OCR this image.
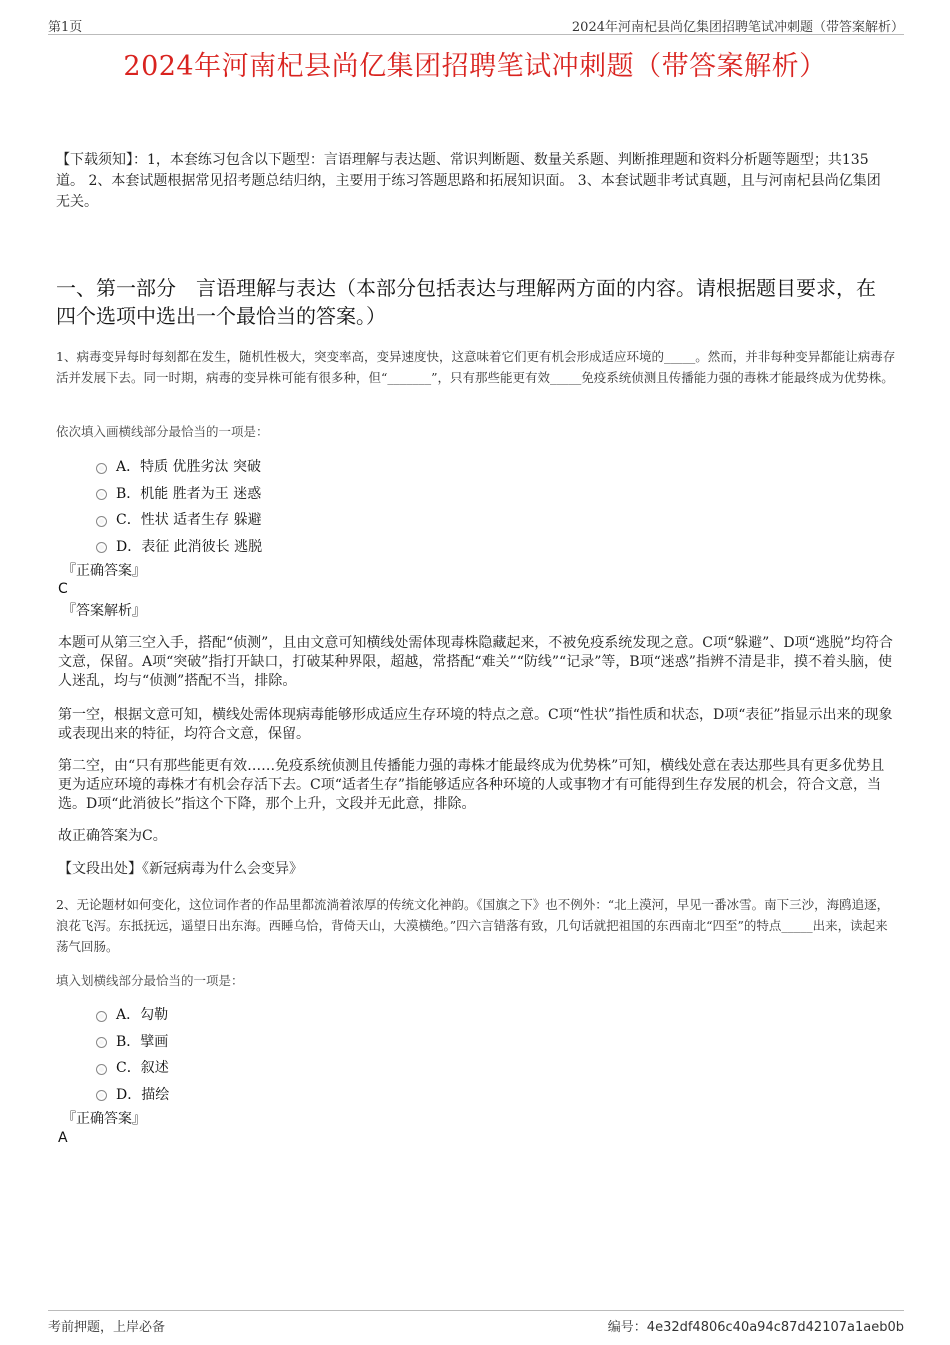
第1页	2024年河南杞县尚亿集团招聘笔试冲刺题（带答案解析）
2024年河南杞县尚亿集团招聘笔试冲刺题（带答案解析）
【下载须知】：1，本套练习包含以下题型：言语理解与表达题、常识判断题、数量关系题、判断推理题和资料分析题等题型；共135道。 2、本套试题根据常见招考题总结归纳，主要用于练习答题思路和拓展知识面。 3、本套试题非考试真题，且与河南杞县尚亿集团无关。
一、第一部分　言语理解与表达（本部分包括表达与理解两方面的内容。请根据题目要求，在四个选项中选出一个最恰当的答案。）
1、病毒变异每时每刻都在发生，随机性极大，突变率高，变异速度快，这意味着它们更有机会形成适应环境的_____。然而，并非每种变异都能让病毒存活并发展下去。同一时期，病毒的变异株可能有很多种，但“_______”，只有那些能更有效_____免疫系统侦测且传播能力强的毒株才能最终成为优势株。
依次填入画横线部分最恰当的一项是：
A．特质 优胜劣汰 突破
B．机能 胜者为王 迷惑
C．性状 适者生存 躲避
D．表征 此消彼长 逃脱
『正确答案』
C
『答案解析』
本题可从第三空入手，搭配“侦测”，且由文意可知横线处需体现毒株隐藏起来，不被免疫系统发现之意。C项“躲避”、D项“逃脱”均符合文意，保留。A项“突破”指打开缺口，打破某种界限，超越，常搭配“难关”“防线”“记录”等，B项“迷惑”指辨不清是非，摸不着头脑，使人迷乱，均与“侦测”搭配不当，排除。
第一空，根据文意可知，横线处需体现病毒能够形成适应生存环境的特点之意。C项“性状”指性质和状态，D项“表征”指显示出来的现象或表现出来的特征，均符合文意，保留。
第二空，由“只有那些能更有效……免疫系统侦测且传播能力强的毒株才能最终成为优势株”可知，横线处意在表达那些具有更多优势且更为适应环境的毒株才有机会存活下去。C项“适者生存”指能够适应各种环境的人或事物才有可能得到生存发展的机会，符合文意，当选。D项“此消彼长”指这个下降，那个上升，文段并无此意，排除。
故正确答案为C。
【文段出处】《新冠病毒为什么会变异》
2、无论题材如何变化，这位词作者的作品里都流淌着浓厚的传统文化神韵。《国旗之下》也不例外：“北上漠河，早见一番冰雪。南下三沙，海鸥追逐，浪花飞泻。东抵抚远，遥望日出东海。西睡乌恰，背倚天山，大漠横绝。”四六言错落有致，几句话就把祖国的东西南北“四至”的特点_____出来，读起来荡气回肠。
填入划横线部分最恰当的一项是：
A．勾勒
B．擘画
C．叙述
D．描绘
『正确答案』
A
考前押题，上岸必备	编号：4e32df4806c40a94c87d42107a1aeb0b
